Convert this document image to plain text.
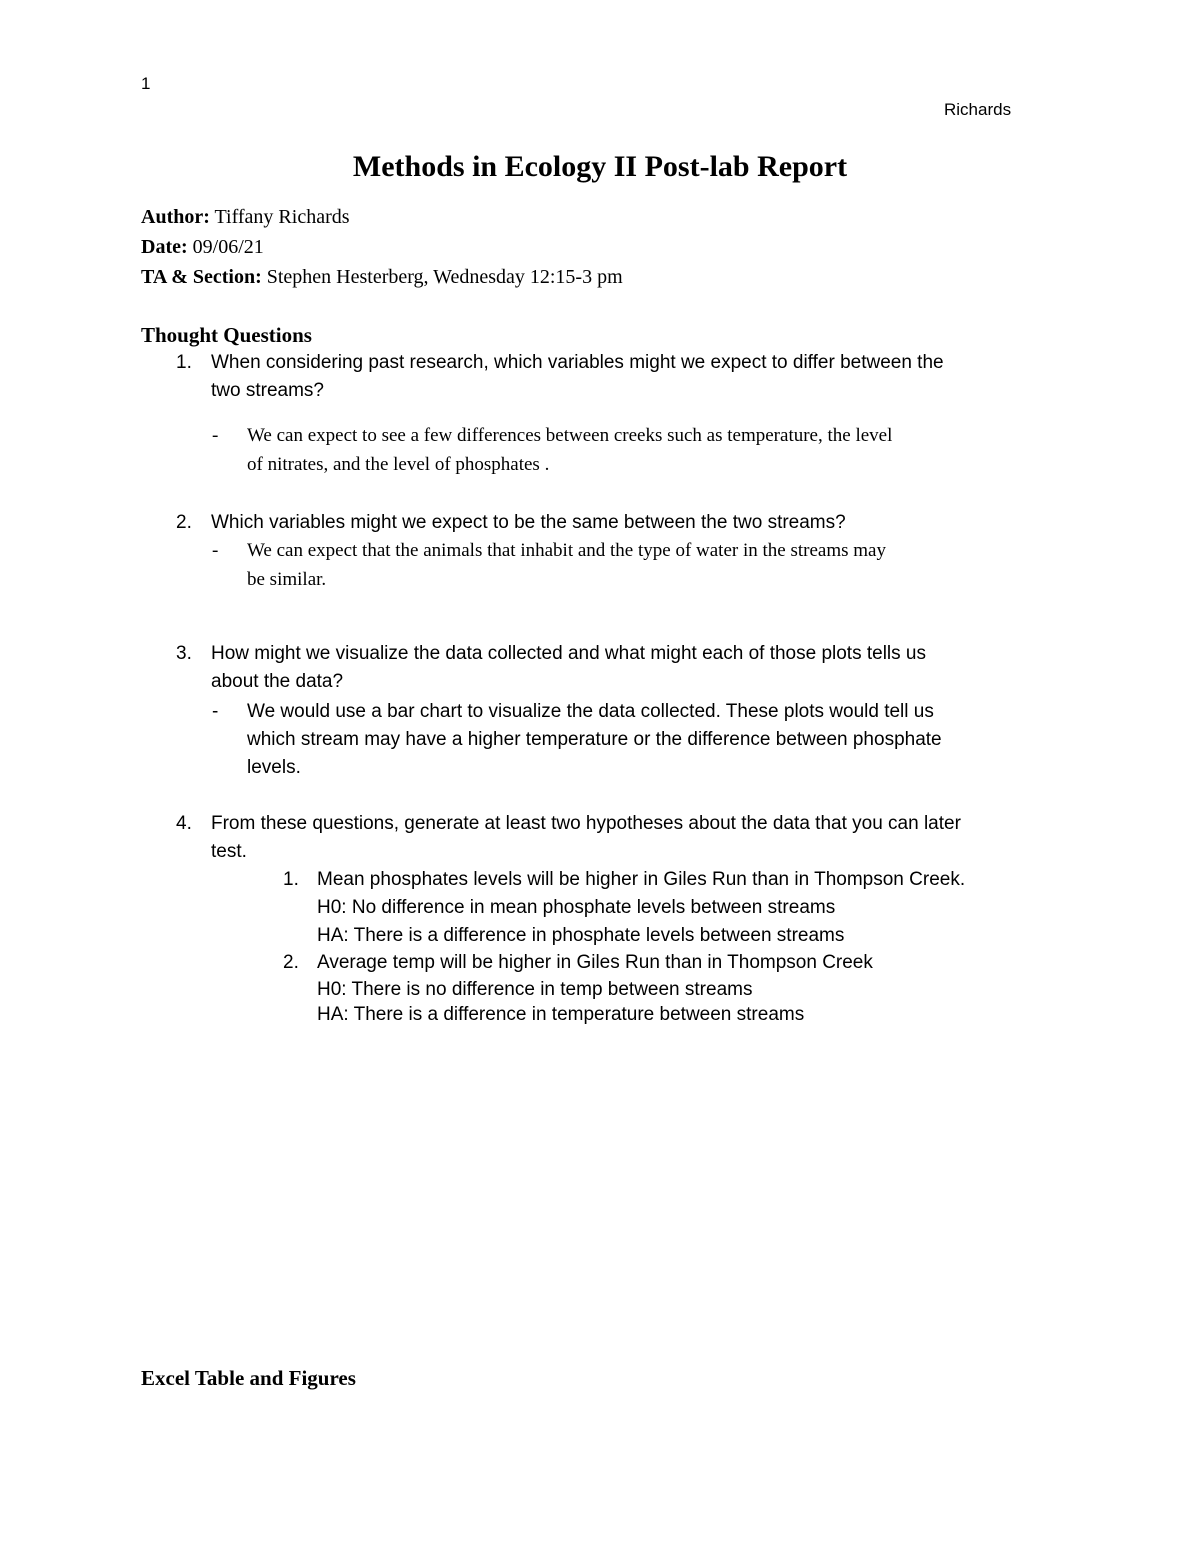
1
Richards
Methods in Ecology II Post-lab Report
Author: Tiffany Richards
Date: 09/06/21
TA & Section: Stephen Hesterberg, Wednesday 12:15-3 pm
Thought Questions
1. When considering past research, which variables might we expect to differ between the
two streams?
- We can expect to see a few differences between creeks such as temperature, the level
of nitrates, and the level of phosphates .
2. Which variables might we expect to be the same between the two streams?
- We can expect that the animals that inhabit and the type of water in the streams may
be similar.
3. How might we visualize the data collected and what might each of those plots tells us
about the data?
- We would use a bar chart to visualize the data collected. These plots would tell us
which stream may have a higher temperature or the difference between phosphate
levels.
4. From these questions, generate at least two hypotheses about the data that you can later
test.
1. Mean phosphates levels will be higher in Giles Run than in Thompson Creek.
H0: No difference in mean phosphate levels between streams
HA: There is a difference in phosphate levels between streams
2. Average temp will be higher in Giles Run than in Thompson Creek
H0: There is no difference in temp between streams
HA: There is a difference in temperature between streams
Excel Table and Figures
